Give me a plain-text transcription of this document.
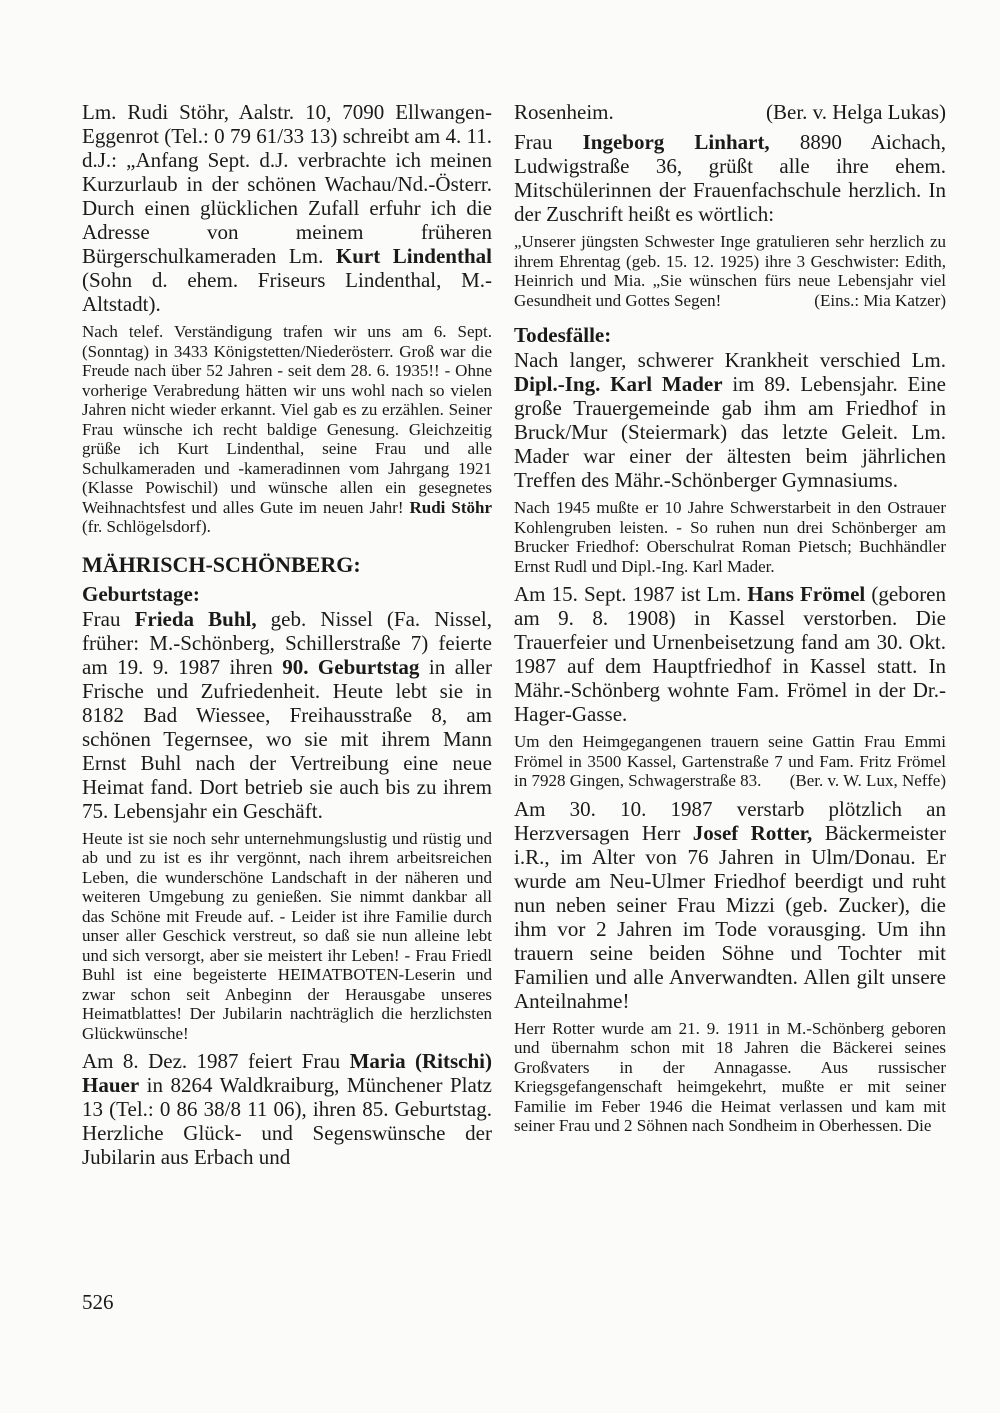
Lm. Rudi Stöhr, Aalstr. 10, 7090 Ellwangen-Eggenrot (Tel.: 0 79 61/33 13) schreibt am 4. 11. d.J.: „Anfang Sept. d.J. verbrachte ich meinen Kurzurlaub in der schönen Wachau/Nd.-Österr. Durch einen glücklichen Zufall erfuhr ich die Adresse von meinem früheren Bürgerschulkameraden Lm. Kurt Lindenthal (Sohn d. ehem. Friseurs Lindenthal, M.-Altstadt).

Nach telef. Verständigung trafen wir uns am 6. Sept. (Sonntag) in 3433 Königstetten/Niederösterr. Groß war die Freude nach über 52 Jahren - seit dem 28. 6. 1935!! - Ohne vorherige Verabredung hätten wir uns wohl nach so vielen Jahren nicht wieder erkannt. Viel gab es zu erzählen. Seiner Frau wünsche ich recht baldige Genesung. Gleichzeitig grüße ich Kurt Lindenthal, seine Frau und alle Schulkameraden und -kameradinnen vom Jahrgang 1921 (Klasse Powischil) und wünsche allen ein gesegnetes Weihnachtsfest und alles Gute im neuen Jahr! Rudi Stöhr (fr. Schlögelsdorf).

MÄHRISCH-SCHÖNBERG:
Geburtstage:

Frau Frieda Buhl, geb. Nissel (Fa. Nissel, früher: M.-Schönberg, Schillerstraße 7) feierte am 19. 9. 1987 ihren 90. Geburtstag in aller Frische und Zufriedenheit. Heute lebt sie in 8182 Bad Wiessee, Freihausstraße 8, am schönen Tegernsee, wo sie mit ihrem Mann Ernst Buhl nach der Vertreibung eine neue Heimat fand. Dort betrieb sie auch bis zu ihrem 75. Lebensjahr ein Geschäft.

Heute ist sie noch sehr unternehmungslustig und rüstig und ab und zu ist es ihr vergönnt, nach ihrem arbeitsreichen Leben, die wunderschöne Landschaft in der näheren und weiteren Umgebung zu genießen. Sie nimmt dankbar all das Schöne mit Freude auf. - Leider ist ihre Familie durch unser aller Geschick verstreut, so daß sie nun alleine lebt und sich versorgt, aber sie meistert ihr Leben! - Frau Friedl Buhl ist eine begeisterte HEIMATBOTEN-Leserin und zwar schon seit Anbeginn der Herausgabe unseres Heimatblattes! Der Jubilarin nachträglich die herzlichsten Glückwünsche!

Am 8. Dez. 1987 feiert Frau Maria (Ritschi) Hauer in 8264 Waldkraiburg, Münchener Platz 13 (Tel.: 0 86 38/8 11 06), ihren 85. Geburtstag. Herzliche Glück- und Segenswünsche der Jubilarin aus Erbach und

Rosenheim.	(Ber. v. Helga Lukas)

Frau Ingeborg Linhart, 8890 Aichach, Ludwigstraße 36, grüßt alle ihre ehem. Mitschülerinnen der Frauenfachschule herzlich. In der Zuschrift heißt es wörtlich:

„Unserer jüngsten Schwester Inge gratulieren sehr herzlich zu ihrem Ehrentag (geb. 15. 12. 1925) ihre 3 Geschwister: Edith, Heinrich und Mia. „Sie wünschen fürs neue Lebensjahr viel Gesundheit und Gottes Segen!	(Eins.: Mia Katzer)

Todesfälle:

Nach langer, schwerer Krankheit verschied Lm. Dipl.-Ing. Karl Mader im 89. Lebensjahr. Eine große Trauergemeinde gab ihm am Friedhof in Bruck/Mur (Steiermark) das letzte Geleit. Lm. Mader war einer der ältesten beim jährlichen Treffen des Mähr.-Schönberger Gymnasiums.

Nach 1945 mußte er 10 Jahre Schwerstarbeit in den Ostrauer Kohlengruben leisten. - So ruhen nun drei Schönberger am Brucker Friedhof: Oberschulrat Roman Pietsch; Buchhändler Ernst Rudl und Dipl.-Ing. Karl Mader.

Am 15. Sept. 1987 ist Lm. Hans Frömel (geboren am 9. 8. 1908) in Kassel verstorben. Die Trauerfeier und Urnenbeisetzung fand am 30. Okt. 1987 auf dem Hauptfriedhof in Kassel statt. In Mähr.-Schönberg wohnte Fam. Frömel in der Dr.-Hager-Gasse.

Um den Heimgegangenen trauern seine Gattin Frau Emmi Frömel in 3500 Kassel, Gartenstraße 7 und Fam. Fritz Frömel in 7928 Gingen, Schwagerstraße 83. (Ber. v. W. Lux, Neffe)

Am 30. 10. 1987 verstarb plötzlich an Herzversagen Herr Josef Rotter, Bäckermeister i.R., im Alter von 76 Jahren in Ulm/Donau. Er wurde am Neu-Ulmer Friedhof beerdigt und ruht nun neben seiner Frau Mizzi (geb. Zucker), die ihm vor 2 Jahren im Tode vorausging. Um ihn trauern seine beiden Söhne und Tochter mit Familien und alle Anverwandten. Allen gilt unsere Anteilnahme!

Herr Rotter wurde am 21. 9. 1911 in M.-Schönberg geboren und übernahm schon mit 18 Jahren die Bäckerei seines Großvaters in der Annagasse. Aus russischer Kriegsgefangenschaft heimgekehrt, mußte er mit seiner Familie im Feber 1946 die Heimat verlassen und kam mit seiner Frau und 2 Söhnen nach Sondheim in Oberhessen. Die

526
